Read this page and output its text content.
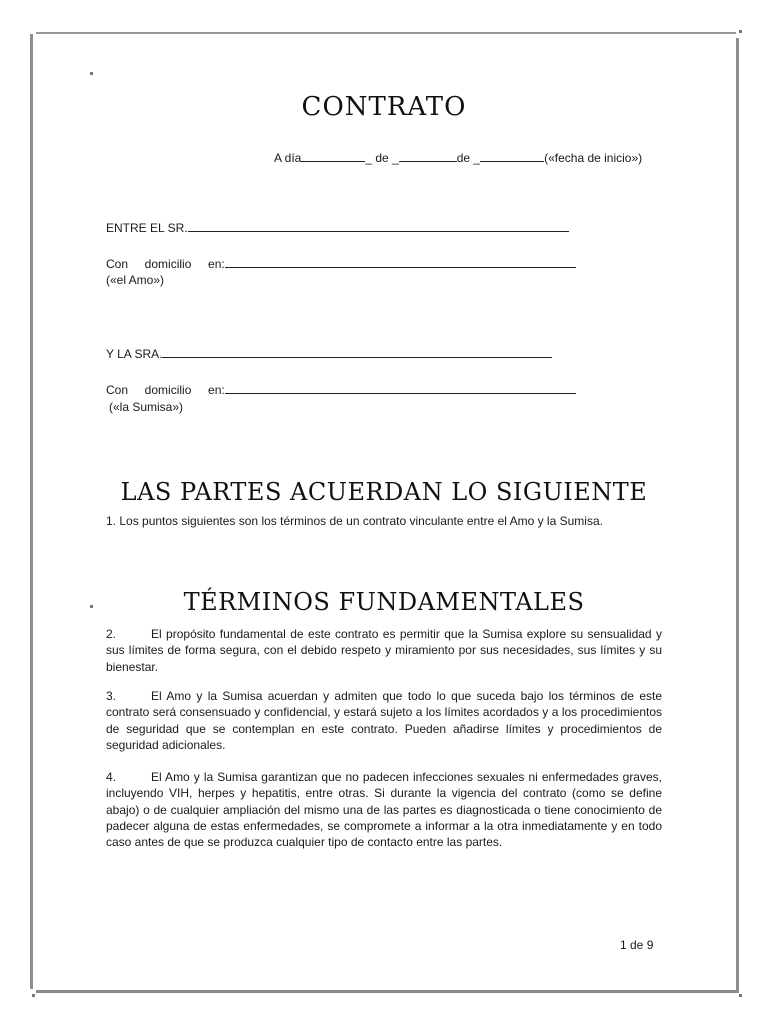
CONTRATO
A día	_ de _	de _	(«fecha de inicio»)
ENTRE EL SR.
Con     domicilio     en:
(«el Amo»)
Y LA SRA.
Con     domicilio     en:
(«la Sumisa»)
LAS PARTES ACUERDAN LO SIGUIENTE

1. Los puntos siguientes son los términos de un contrato vinculante entre el Amo y la Sumisa.

TÉRMINOS FUNDAMENTALES

2.	El propósito fundamental de este contrato es permitir que la Sumisa explore su sensualidad y sus límites de forma segura, con el debido respeto y miramiento por sus necesidades, sus límites y su bienestar.

3.	El Amo y la Sumisa acuerdan y admiten que todo lo que suceda bajo los términos de este contrato será consensuado y confidencial, y estará sujeto a los límites acordados y a los procedimientos de seguridad que se contemplan en este contrato. Pueden añadirse límites y procedimientos de seguridad adicionales.

4.	El Amo y la Sumisa garantizan que no padecen infecciones sexuales ni enfermedades graves, incluyendo VIH, herpes y hepatitis, entre otras. Si durante la vigencia del contrato (como se define abajo) o de cualquier ampliación del mismo una de las partes es diagnosticada o tiene conocimiento de padecer alguna de estas enfermedades, se compromete a informar a la otra inmediatamente y en todo caso antes de que se produzca cualquier tipo de contacto entre las partes.

1 de 9
